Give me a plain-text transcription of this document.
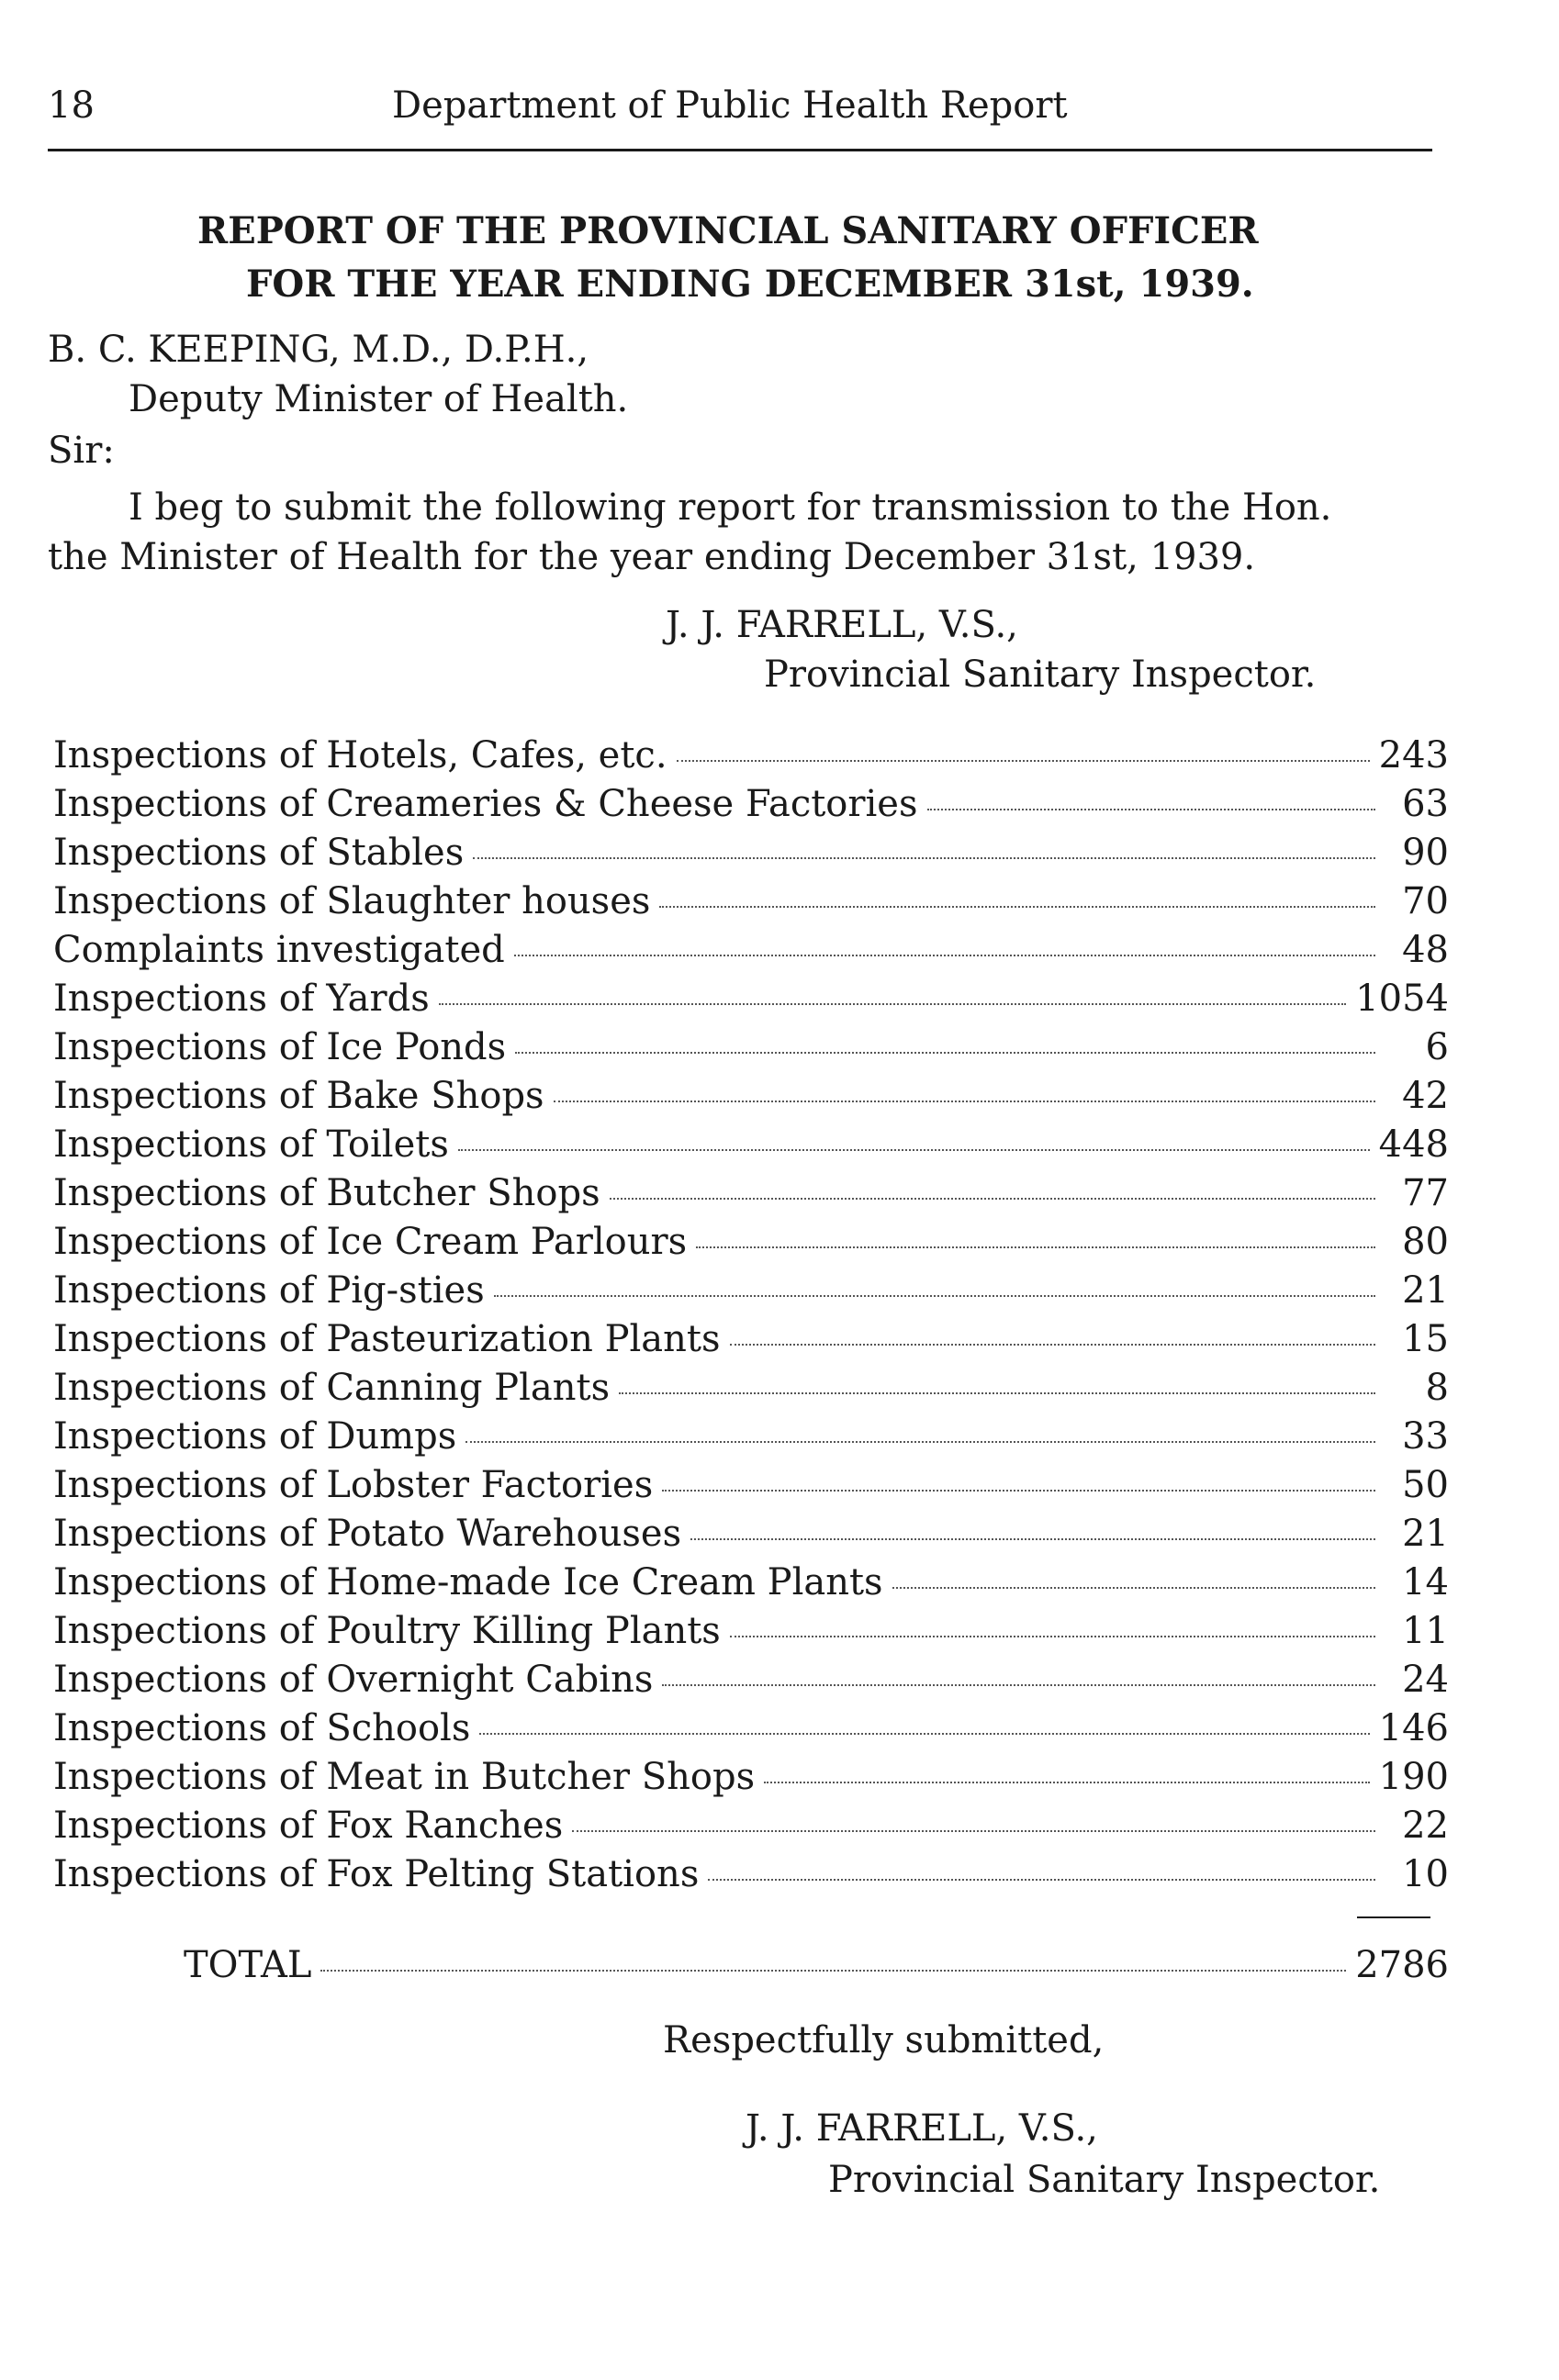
18	Department of Public Health Report
REPORT OF THE PROVINCIAL SANITARY OFFICER
FOR THE YEAR ENDING DECEMBER 31st, 1939.
B. C. KEEPING, M.D., D.P.H.,
Deputy Minister of Health.
Sir:
I beg to submit the following report for transmission to the Hon.
the Minister of Health for the year ending December 31st, 1939.
J. J. FARRELL, V.S.,
Provincial Sanitary Inspector.
Inspections of Hotels, Cafes, etc.	243
Inspections of Creameries & Cheese Factories	63
Inspections of Stables	90
Inspections of Slaughter houses	70
Complaints investigated	48
Inspections of Yards	1054
Inspections of Ice Ponds	6
Inspections of Bake Shops	42
Inspections of Toilets	448
Inspections of Butcher Shops	77
Inspections of Ice Cream Parlours	80
Inspections of Pig-sties	21
Inspections of Pasteurization Plants	15
Inspections of Canning Plants	8
Inspections of Dumps	33
Inspections of Lobster Factories	50
Inspections of Potato Warehouses	21
Inspections of Home-made Ice Cream Plants	14
Inspections of Poultry Killing Plants	11
Inspections of Overnight Cabins	24
Inspections of Schools	146
Inspections of Meat in Butcher Shops	190
Inspections of Fox Ranches	22
Inspections of Fox Pelting Stations	10
TOTAL	2786
Respectfully submitted,
J. J. FARRELL, V.S.,
Provincial Sanitary Inspector.
